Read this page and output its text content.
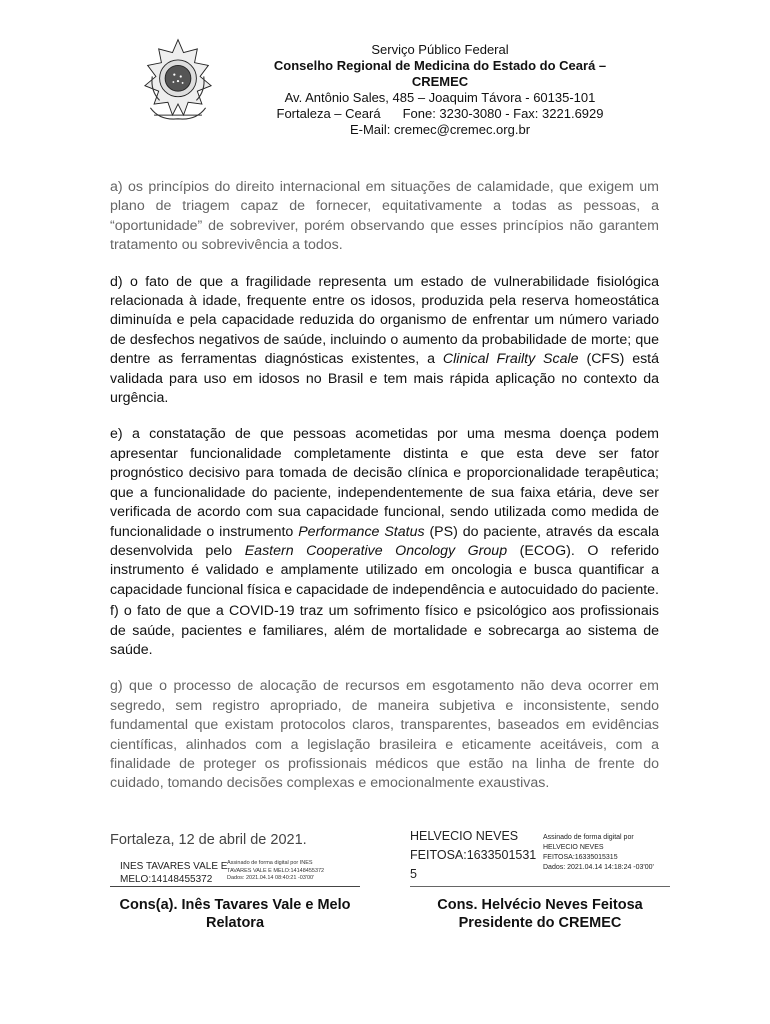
Serviço Público Federal
Conselho Regional de Medicina do Estado do Ceará –
CREMEC
Av. Antônio Sales, 485 – Joaquim Távora - 60135-101
Fortaleza – Ceará Fone: 3230-3080 - Fax: 3221.6929
E-Mail: cremec@cremec.org.br

a) os princípios do direito internacional em situações de calamidade, que exigem um plano de triagem capaz de fornecer, equitativamente a todas as pessoas, a “oportunidade” de sobreviver, porém observando que esses princípios não garantem tratamento ou sobrevivência a todos.

d) o fato de que a fragilidade representa um estado de vulnerabilidade fisiológica relacionada à idade, frequente entre os idosos, produzida pela reserva homeostática diminuída e pela capacidade reduzida do organismo de enfrentar um número variado de desfechos negativos de saúde, incluindo o aumento da probabilidade de morte; que dentre as ferramentas diagnósticas existentes, a Clinical Frailty Scale (CFS) está validada para uso em idosos no Brasil e tem mais rápida aplicação no contexto da urgência.

e) a constatação de que pessoas acometidas por uma mesma doença podem apresentar funcionalidade completamente distinta e que esta deve ser fator prognóstico decisivo para tomada de decisão clínica e proporcionalidade terapêutica; que a funcionalidade do paciente, independentemente de sua faixa etária, deve ser verificada de acordo com sua capacidade funcional, sendo utilizada como medida de funcionalidade o instrumento Performance Status (PS) do paciente, através da escala desenvolvida pelo Eastern Cooperative Oncology Group (ECOG). O referido instrumento é validado e amplamente utilizado em oncologia e busca quantificar a capacidade funcional física e capacidade de independência e autocuidado do paciente.

f) o fato de que a COVID-19 traz um sofrimento físico e psicológico aos profissionais de saúde, pacientes e familiares, além de mortalidade e sobrecarga ao sistema de saúde.

g) que o processo de alocação de recursos em esgotamento não deva ocorrer em segredo, sem registro apropriado, de maneira subjetiva e inconsistente, sendo fundamental que existam protocolos claros, transparentes, baseados em evidências científicas, alinhados com a legislação brasileira e eticamente aceitáveis, com a finalidade de proteger os profissionais médicos que estão na linha de frente do cuidado, tomando decisões complexas e emocionalmente exaustivas.

Fortaleza, 12 de abril de 2021.
INES TAVARES VALE E
MELO:14148455372
Assinado de forma digital por INES
TAVARES VALE E MELO:14148455372
Dados: 2021.04.14 08:40:21 -03'00'
HELVECIO NEVES
FEITOSA:1633501531
5
Assinado de forma digital por
HELVECIO NEVES
FEITOSA:16335015315
Dados: 2021.04.14 14:18:24 -03'00'
Cons(a). Inês Tavares Vale e Melo
Relatora
Cons. Helvécio Neves Feitosa
Presidente do CREMEC
